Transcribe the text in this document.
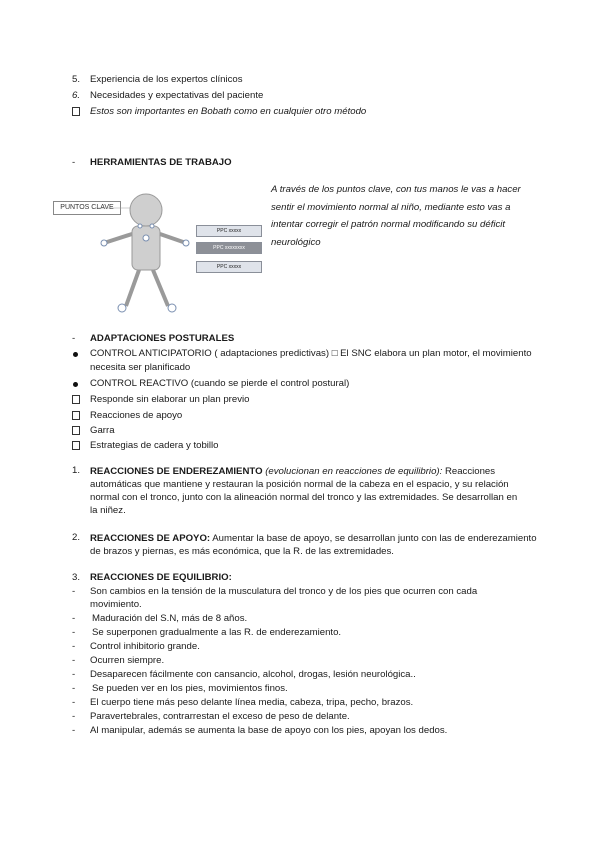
5. Experiencia de los expertos clínicos
6. Necesidades y expectativas del paciente
Estos son importantes en Bobath como en cualquier otro método
- HERRAMIENTAS DE TRABAJO
PUNTOS CLAVE
PPC xxxxx
PPC xxxxxxxx
PPC xxxxx
A través de los puntos clave, con tus manos le vas a hacer
sentir el movimiento normal al niño, mediante esto vas a
intentar corregir el patrón normal modificando su déficit
neurológico
- ADAPTACIONES POSTURALES
CONTROL ANTICIPATORIO ( adaptaciones predictivas) □ El SNC elabora un plan motor, el movimiento
necesita ser planificado
CONTROL REACTIVO (cuando se pierde el control postural)
Responde sin elaborar un plan previo
Reacciones de apoyo
Garra
Estrategias de cadera y tobillo
1. REACCIONES DE ENDEREZAMIENTO (evolucionan en reacciones de equilibrio): Reacciones
automáticas que mantiene y restauran la posición normal de la cabeza en el espacio, y su relación
normal con el tronco, junto con la alineación normal del tronco y las extremidades. Se desarrollan en
la niñez.
2. REACCIONES DE APOYO: Aumentar la base de apoyo, se desarrollan junto con las de enderezamiento
de brazos y piernas, es más económica, que la R. de las extremidades.
3. REACCIONES DE EQUILIBRIO:
- Son cambios en la tensión de la musculatura del tronco y de los pies que ocurren con cada
movimiento.
- Maduración del S.N, más de 8 años.
- Se superponen gradualmente a las R. de enderezamiento.
- Control inhibitorio grande.
- Ocurren siempre.
- Desaparecen fácilmente con cansancio, alcohol, drogas, lesión neurológica..
- Se pueden ver en los pies, movimientos finos.
- El cuerpo tiene más peso delante línea media, cabeza, tripa, pecho, brazos.
- Paravertebrales, contrarrestan el exceso de peso de delante.
- Al manipular, además se aumenta la base de apoyo con los pies, apoyan los dedos.
